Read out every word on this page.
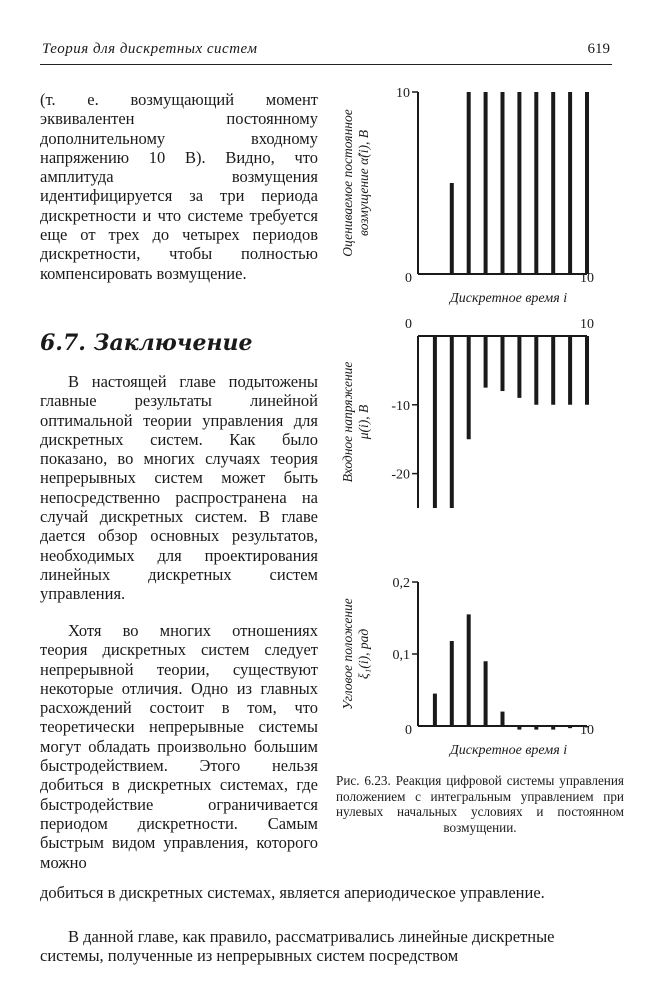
Теория для дискретных систем	619
(т. е. возмущающий момент эквивалентен постоянному дополнительному входному напряжению 10 В). Видно, что амплитуда возмущения идентифицируется за три периода дискретности и что системе требуется еще от трех до четырех периодов дискретности, чтобы полностью компенсировать возмущение.
6.7. Заключение
В настоящей главе подытожены главные результаты линейной оптимальной теории управления для дискретных систем. Как было показано, во многих случаях теория непрерывных систем может быть непосредственно распространена на случай дискретных систем. В главе дается обзор основных результатов, необходимых для проектирования линейных дискретных систем управления.
Хотя во многих отношениях теория дискретных систем следует непрерывной теории, существуют некоторые отличия. Одно из главных расхождений состоит в том, что теоретически непрерывные системы могут обладать произвольно большим быстродействием. Этого нельзя добиться в дискретных системах, где быстродействие ограничивается периодом дискретности. Самым быстрым видом управления, которого можно
добиться в дискретных системах, является апериодическое управление.
В данной главе, как правило, рассматривались линейные дискретные системы, полученные из непрерывных систем посредством
10
0	10
Оцениваемое постоянноевозмущение α̂(i), В
Дискретное время i
-10
-20
0	10
Входное напряжениеμ(i), В
0,1
0,2
0	10
Угловое положениеξ₁(i), рад
Дискретное время i
Рис. 6.23. Реакция цифровой системы управления положением с интегральным управлением при нулевых начальных условиях и постоянном возмущении.
